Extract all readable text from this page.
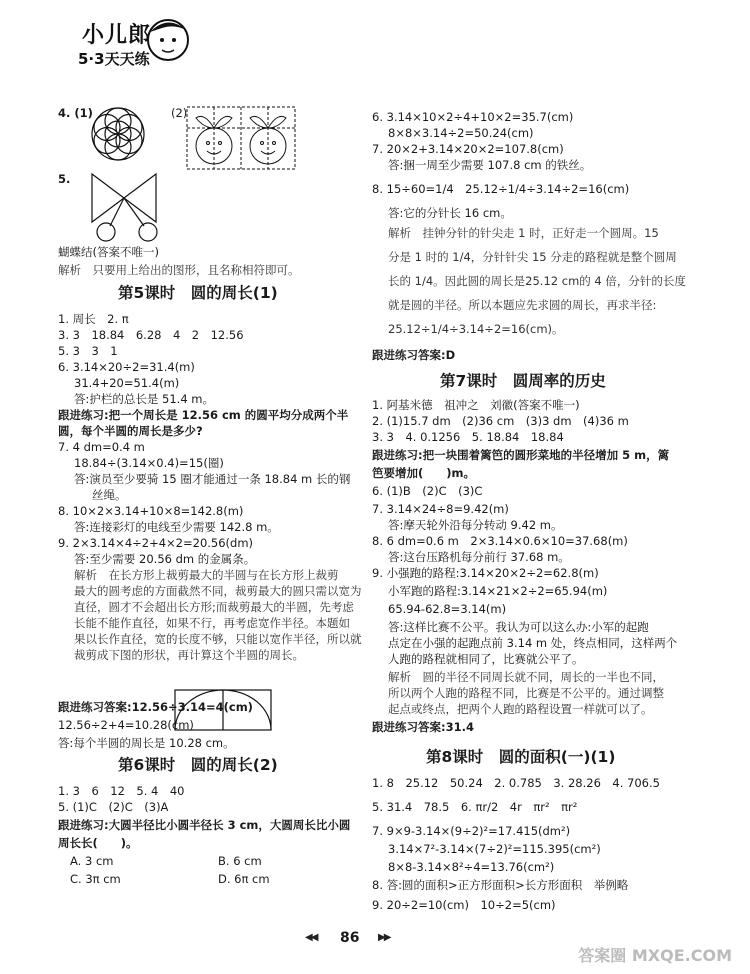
小儿郎
5·3天天练
4. (1)	(2)
5.
蝴蝶结(答案不唯一)
解析　只要用上给出的图形，且名称相符即可。
第5课时　圆的周长(1)
1. 周长　2. π
3. 3　18.84　6.28　4　2　12.56
5. 3　3　1
6. 3.14×20÷2=31.4(m)
31.4+20=51.4(m)
答:护栏的总长是 51.4 m。
跟进练习:把一个周长是 12.56 cm 的圆平均分成两个半
圆，每个半圆的周长是多少?
7. 4 dm=0.4 m
18.84÷(3.14×0.4)=15(圈)
答:演员至少要骑 15 圈才能通过一条 18.84 m 长的钢
丝绳。
8. 10×2×3.14+10×8=142.8(m)
答:连接彩灯的电线至少需要 142.8 m。
9. 2×3.14×4÷2+4×2=20.56(dm)
答:至少需要 20.56 dm 的金属条。
解析　在长方形上裁剪最大的半圆与在长方形上裁剪
最大的圆考虑的方面截然不同，裁剪最大的圆只需以宽为
直径，圆才不会超出长方形;而裁剪最大的半圆，先考虑
长能不能作直径，如果不行，再考虑宽作半径。本题如
果以长作直径，宽的长度不够，只能以宽作半径，所以就
裁剪成下图的形状，再计算这个半圆的周长。
跟进练习答案:12.56÷3.14=4(cm)
12.56÷2+4=10.28(cm)
答:每个半圆的周长是 10.28 cm。
第6课时　圆的周长(2)
1. 3　6　12　5. 4　40
5. (1)C　(2)C　(3)A
跟进练习:大圆半径比小圆半径长 3 cm，大圆周长比小圆
周长长(　　)。
A. 3 cm	B. 6 cm
C. 3π cm	D. 6π cm
6. 3.14×10×2÷4+10×2=35.7(cm)
8×8×3.14÷2=50.24(cm)
7. 20×2+3.14×20×2=107.8(cm)
答:捆一周至少需要 107.8 cm 的铁丝。
8. 15÷60=1/4　25.12÷1/4÷3.14÷2=16(cm)
答:它的分针长 16 cm。
解析　挂钟分针的针尖走 1 时，正好走一个圆周。15
分是 1 时的 1/4，分针针尖 15 分走的路程就是整个圆周
长的 1/4。因此圆的周长是25.12 cm的 4 倍，分针的长度
就是圆的半径。所以本题应先求圆的周长，再求半径:
25.12÷1/4÷3.14÷2=16(cm)。
跟进练习答案:D
第7课时　圆周率的历史
1. 阿基米德　祖冲之　刘徽(答案不唯一)
2. (1)15.7 dm　(2)36 cm　(3)3 dm　(4)36 m
3. 3　4. 0.1256　5. 18.84　18.84
跟进练习:把一块围着篱笆的圆形菜地的半径增加 5 m，篱
笆要增加(　　)m。
6. (1)B　(2)C　(3)C
7. 3.14×24÷8=9.42(m)
答:摩天轮外沿每分转动 9.42 m。
8. 6 dm=0.6 m　2×3.14×0.6×10=37.68(m)
答:这台压路机每分前行 37.68 m。
9. 小强跑的路程:3.14×20×2÷2=62.8(m)
小军跑的路程:3.14×21×2÷2=65.94(m)
65.94-62.8=3.14(m)
答:这样比赛不公平。我认为可以这么办:小军的起跑
点定在小强的起跑点前 3.14 m 处，终点相同，这样两个
人跑的路程就相同了，比赛就公平了。
解析　圆的半径不同周长就不同，周长的一半也不同，
所以两个人跑的路程不同，比赛是不公平的。通过调整
起点或终点，把两个人跑的路程设置一样就可以了。
跟进练习答案:31.4
第8课时　圆的面积(一)(1)
1. 8　25.12　50.24　2. 0.785　3. 28.26　4. 706.5
5. 31.4　78.5　6. πr/2　4r　πr²　πr²
7. 9×9-3.14×(9÷2)²=17.415(dm²)
3.14×7²-3.14×(7÷2)²=115.395(cm²)
8×8-3.14×8²÷4=13.76(cm²)
8. 答:圆的面积>正方形面积>长方形面积　举例略
9. 20÷2=10(cm)　10÷2=5(cm)
◀◀ 86 ▶▶
答案圈 MXQE.COM
